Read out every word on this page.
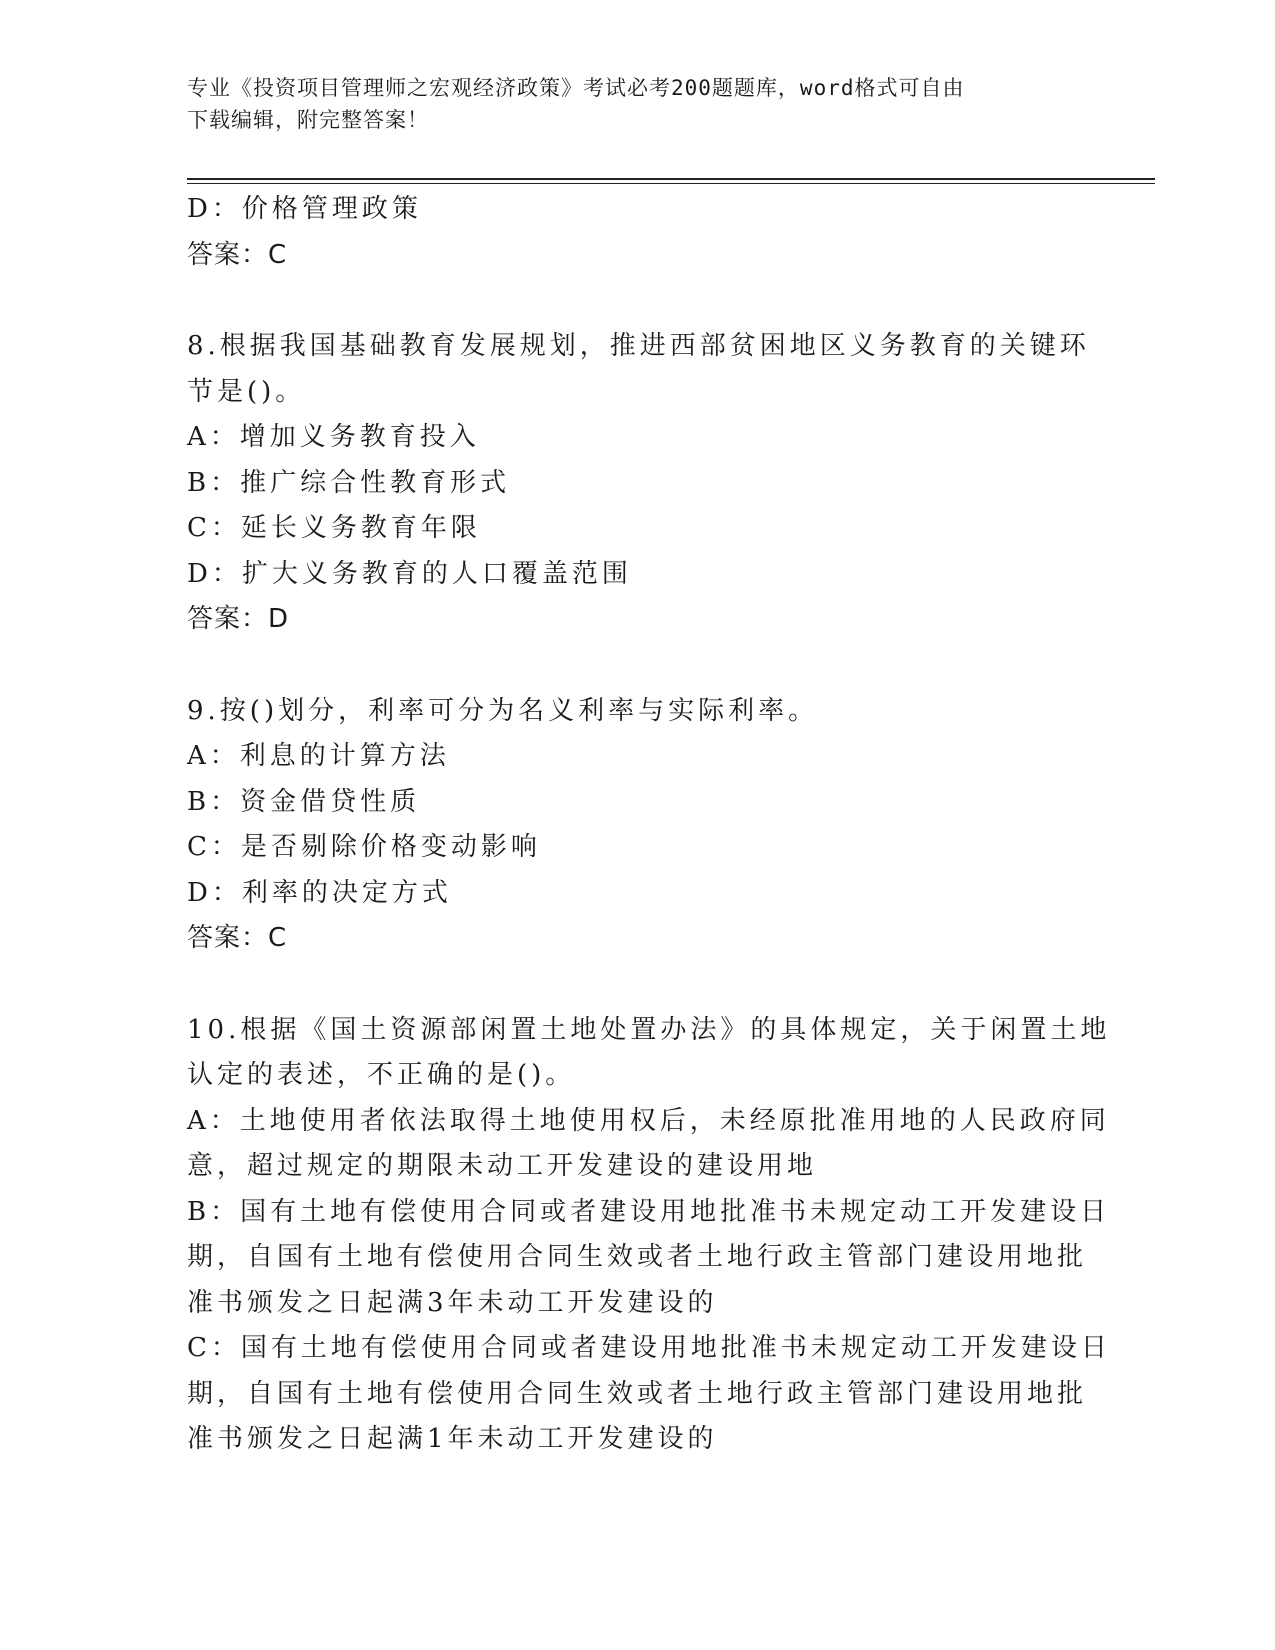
专业《投资项目管理师之宏观经济政策》考试必考200题题库，word格式可自由
下载编辑，附完整答案！
D：价格管理政策
答案：C
8.根据我国基础教育发展规划，推进西部贫困地区义务教育的关键环
节是()。
A：增加义务教育投入
B：推广综合性教育形式
C：延长义务教育年限
D：扩大义务教育的人口覆盖范围
答案：D
9.按()划分，利率可分为名义利率与实际利率。
A：利息的计算方法
B：资金借贷性质
C：是否剔除价格变动影响
D：利率的决定方式
答案：C
10.根据《国土资源部闲置土地处置办法》的具体规定，关于闲置土地
认定的表述，不正确的是()。
A：土地使用者依法取得土地使用权后，未经原批准用地的人民政府同
意，超过规定的期限未动工开发建设的建设用地
B：国有土地有偿使用合同或者建设用地批准书未规定动工开发建设日
期，自国有土地有偿使用合同生效或者土地行政主管部门建设用地批
准书颁发之日起满3年未动工开发建设的
C：国有土地有偿使用合同或者建设用地批准书未规定动工开发建设日
期，自国有土地有偿使用合同生效或者土地行政主管部门建设用地批
准书颁发之日起满1年未动工开发建设的
